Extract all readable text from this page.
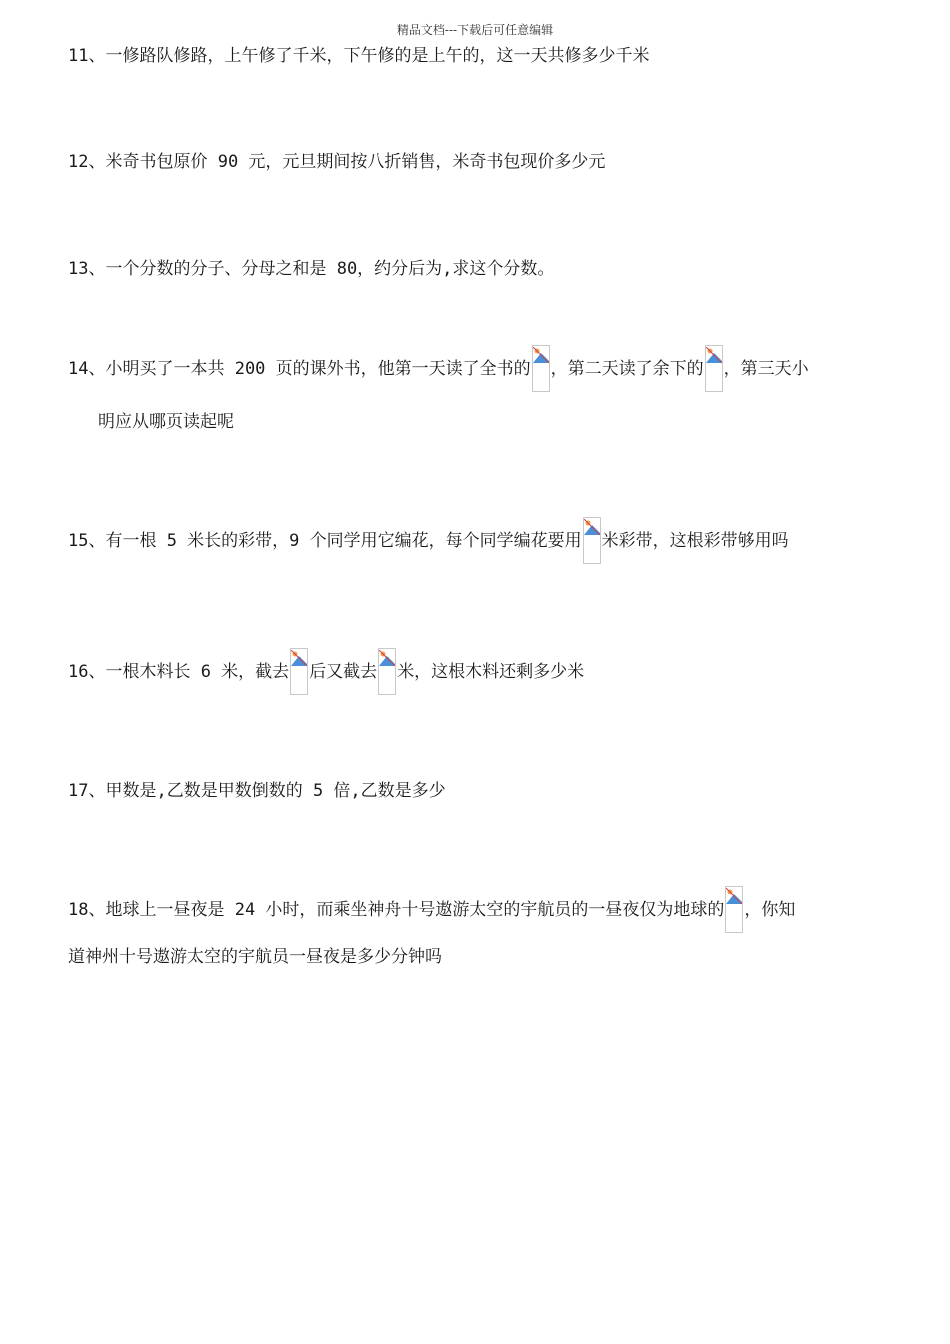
精品文档---下载后可任意编辑
11、一修路队修路，上午修了千米，下午修的是上午的，这一天共修多少千米
12、米奇书包原价 90 元，元旦期间按八折销售，米奇书包现价多少元
13、一个分数的分子、分母之和是 80，约分后为,求这个分数。
14、小明买了一本共 200 页的课外书，他第一天读了全书的 ，第二天读了余下的 ，第三天小
明应从哪页读起呢
15、有一根 5 米长的彩带，9 个同学用它编花，每个同学编花要用 米彩带，这根彩带够用吗
16、一根木料长 6 米，截去 后又截去 米，这根木料还剩多少米
17、甲数是,乙数是甲数倒数的 5 倍,乙数是多少
18、地球上一昼夜是 24 小时，而乘坐神舟十号遨游太空的宇航员的一昼夜仅为地球的 ，你知
道神州十号遨游太空的宇航员一昼夜是多少分钟吗
